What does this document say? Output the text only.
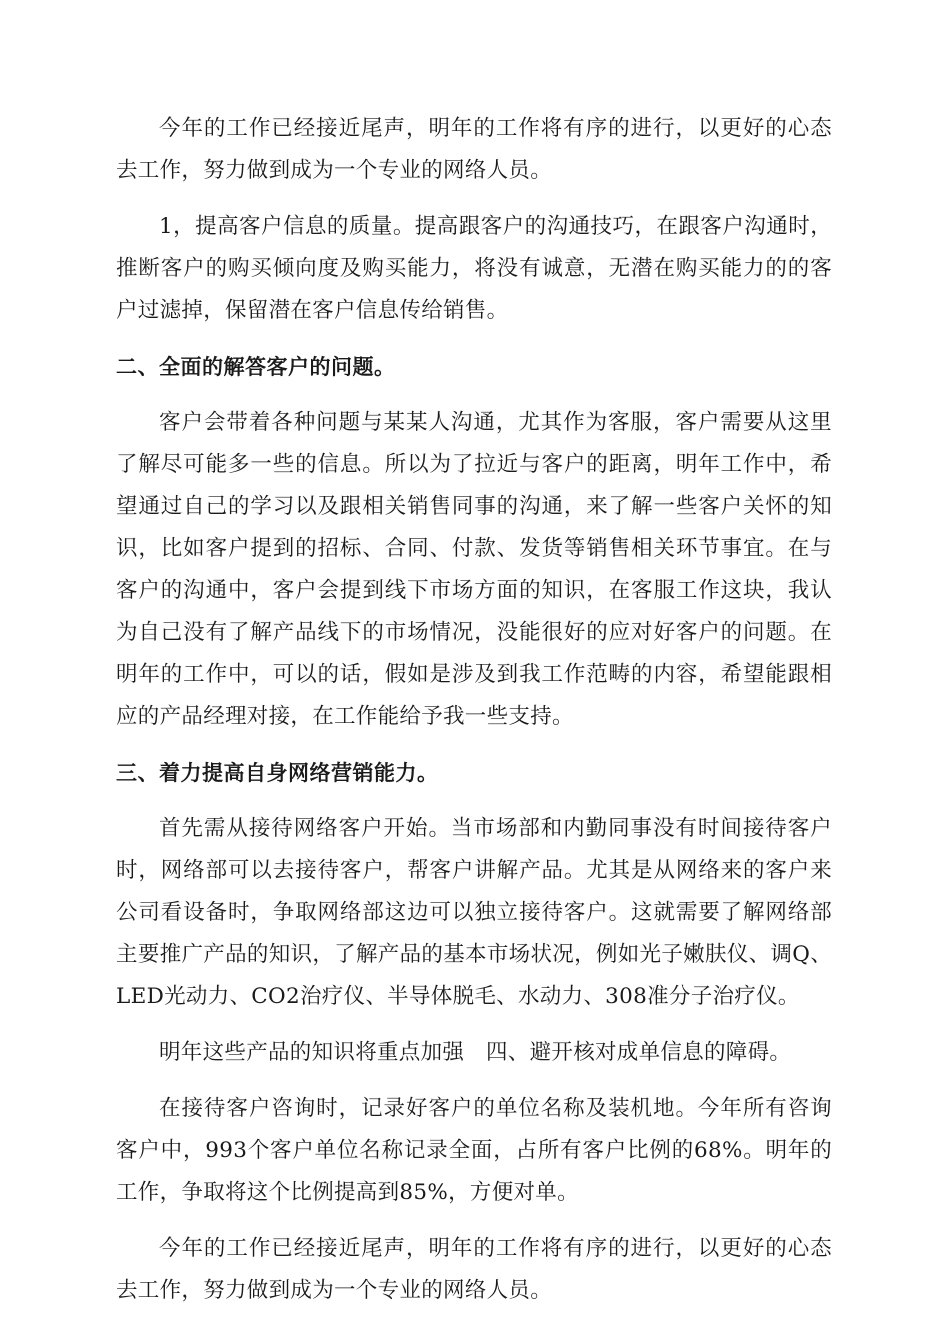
今年的工作已经接近尾声，明年的工作将有序的进行，以更好的心态去工作，努力做到成为一个专业的网络人员。

1，提高客户信息的质量。提高跟客户的沟通技巧，在跟客户沟通时，推断客户的购买倾向度及购买能力，将没有诚意，无潜在购买能力的的客户过滤掉，保留潜在客户信息传给销售。

二、全面的解答客户的问题。

客户会带着各种问题与某某人沟通，尤其作为客服，客户需要从这里了解尽可能多一些的信息。所以为了拉近与客户的距离，明年工作中，希望通过自己的学习以及跟相关销售同事的沟通，来了解一些客户关怀的知识，比如客户提到的招标、合同、付款、发货等销售相关环节事宜。在与客户的沟通中，客户会提到线下市场方面的知识，在客服工作这块，我认为自己没有了解产品线下的市场情况，没能很好的应对好客户的问题。在明年的工作中，可以的话，假如是涉及到我工作范畴的内容，希望能跟相应的产品经理对接，在工作能给予我一些支持。

三、着力提高自身网络营销能力。

首先需从接待网络客户开始。当市场部和内勤同事没有时间接待客户时，网络部可以去接待客户，帮客户讲解产品。尤其是从网络来的客户来公司看设备时，争取网络部这边可以独立接待客户。这就需要了解网络部主要推广产品的知识，了解产品的基本市场状况，例如光子嫩肤仪、调Q、LED光动力、CO2治疗仪、半导体脱毛、水动力、308准分子治疗仪。

明年这些产品的知识将重点加强　四、避开核对成单信息的障碍。

在接待客户咨询时，记录好客户的单位名称及装机地。今年所有咨询客户中，993个客户单位名称记录全面，占所有客户比例的68%。明年的工作，争取将这个比例提高到85%，方便对单。

今年的工作已经接近尾声，明年的工作将有序的进行，以更好的心态去工作，努力做到成为一个专业的网络人员。
